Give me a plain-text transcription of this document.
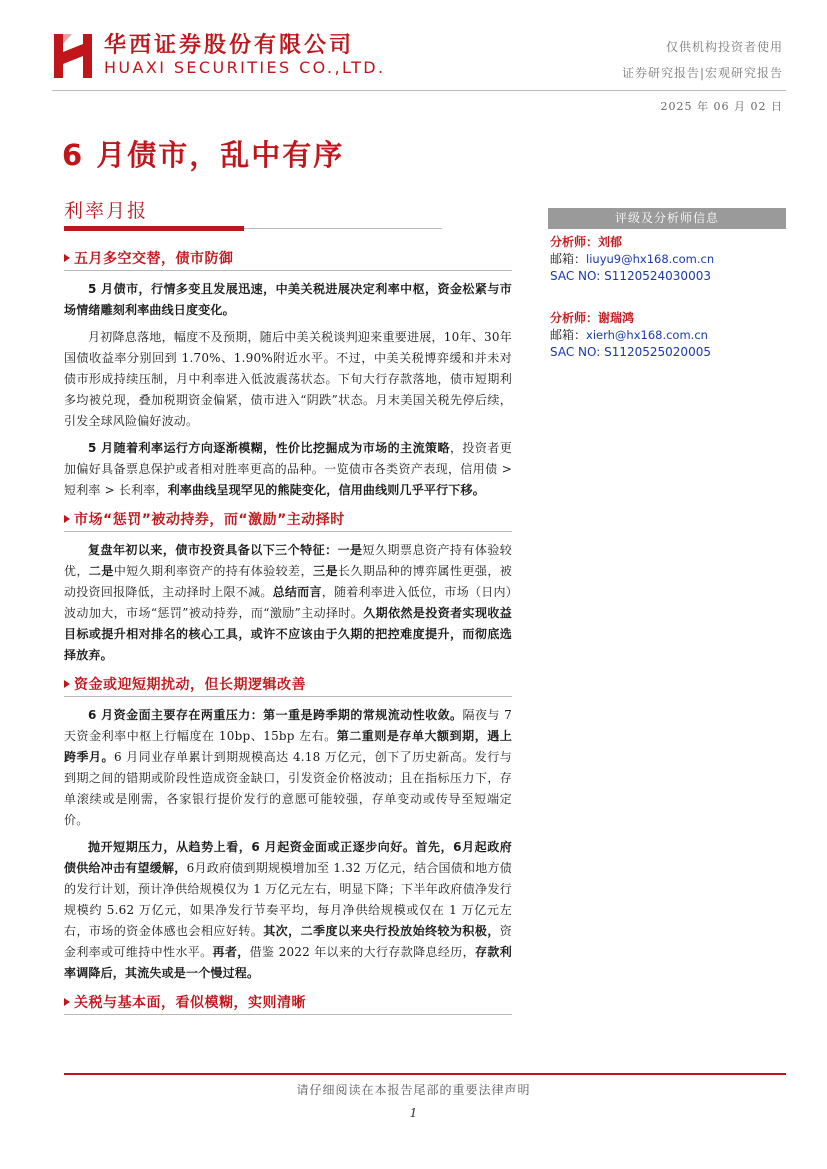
华西证券股份有限公司
HUAXI SECURITIES CO.,LTD.
仅供机构投资者使用
证券研究报告|宏观研究报告
2025 年 06 月 02 日
6 月债市，乱中有序
利率月报	评级及分析师信息
分析师：刘郁
邮箱：liuyu9@hx168.com.cn
SAC NO: S1120524030003
分析师：谢瑞鸿
邮箱：xierh@hx168.com.cn
SAC NO: S1120525020005
五月多空交替，债市防御

5 月债市，行情多变且发展迅速，中美关税进展决定利率中枢，资金松紧与市场情绪雕刻利率曲线日度变化。

月初降息落地，幅度不及预期，随后中美关税谈判迎来重要进展，10年、30年国债收益率分别回到 1.70%、1.90%附近水平。不过，中美关税博弈缓和并未对债市形成持续压制，月中利率进入低波震荡状态。下旬大行存款落地，债市短期利多均被兑现，叠加税期资金偏紧，债市进入“阴跌”状态。月末美国关税先停后续，引发全球风险偏好波动。

5 月随着利率运行方向逐渐模糊，性价比挖掘成为市场的主流策略，投资者更加偏好具备票息保护或者相对胜率更高的品种。一览债市各类资产表现，信用债 > 短利率 > 长利率，利率曲线呈现罕见的熊陡变化，信用曲线则几乎平行下移。

市场“惩罚”被动持券，而“激励”主动择时

复盘年初以来，债市投资具备以下三个特征：一是短久期票息资产持有体验较优，二是中短久期利率资产的持有体验较差，三是长久期品种的博弈属性更强，被动投资回报降低，主动择时上限不减。总结而言，随着利率进入低位，市场（日内）波动加大，市场“惩罚”被动持券，而“激励”主动择时。久期依然是投资者实现收益目标或提升相对排名的核心工具，或许不应该由于久期的把控难度提升，而彻底选择放弃。

资金或迎短期扰动，但长期逻辑改善

6 月资金面主要存在两重压力：第一重是跨季期的常规流动性收敛。隔夜与 7 天资金利率中枢上行幅度在 10bp、15bp 左右。第二重则是存单大额到期，遇上跨季月。6 月同业存单累计到期规模高达 4.18 万亿元，创下了历史新高。发行与到期之间的错期或阶段性造成资金缺口，引发资金价格波动；且在指标压力下，存单滚续或是刚需，各家银行提价发行的意愿可能较强，存单变动或传导至短端定价。

抛开短期压力，从趋势上看，6 月起资金面或正逐步向好。首先，6月起政府债供给冲击有望缓解，6月政府债到期规模增加至 1.32 万亿元，结合国债和地方债的发行计划，预计净供给规模仅为 1 万亿元左右，明显下降；下半年政府债净发行规模约 5.62 万亿元，如果净发行节奏平均，每月净供给规模或仅在 1 万亿元左右，市场的资金体感也会相应好转。其次，二季度以来央行投放始终较为积极，资金利率或可维持中性水平。再者，借鉴 2022 年以来的大行存款降息经历，存款利率调降后，其流失或是一个慢过程。

关税与基本面，看似模糊，实则清晰
请仔细阅读在本报告尾部的重要法律声明
1
